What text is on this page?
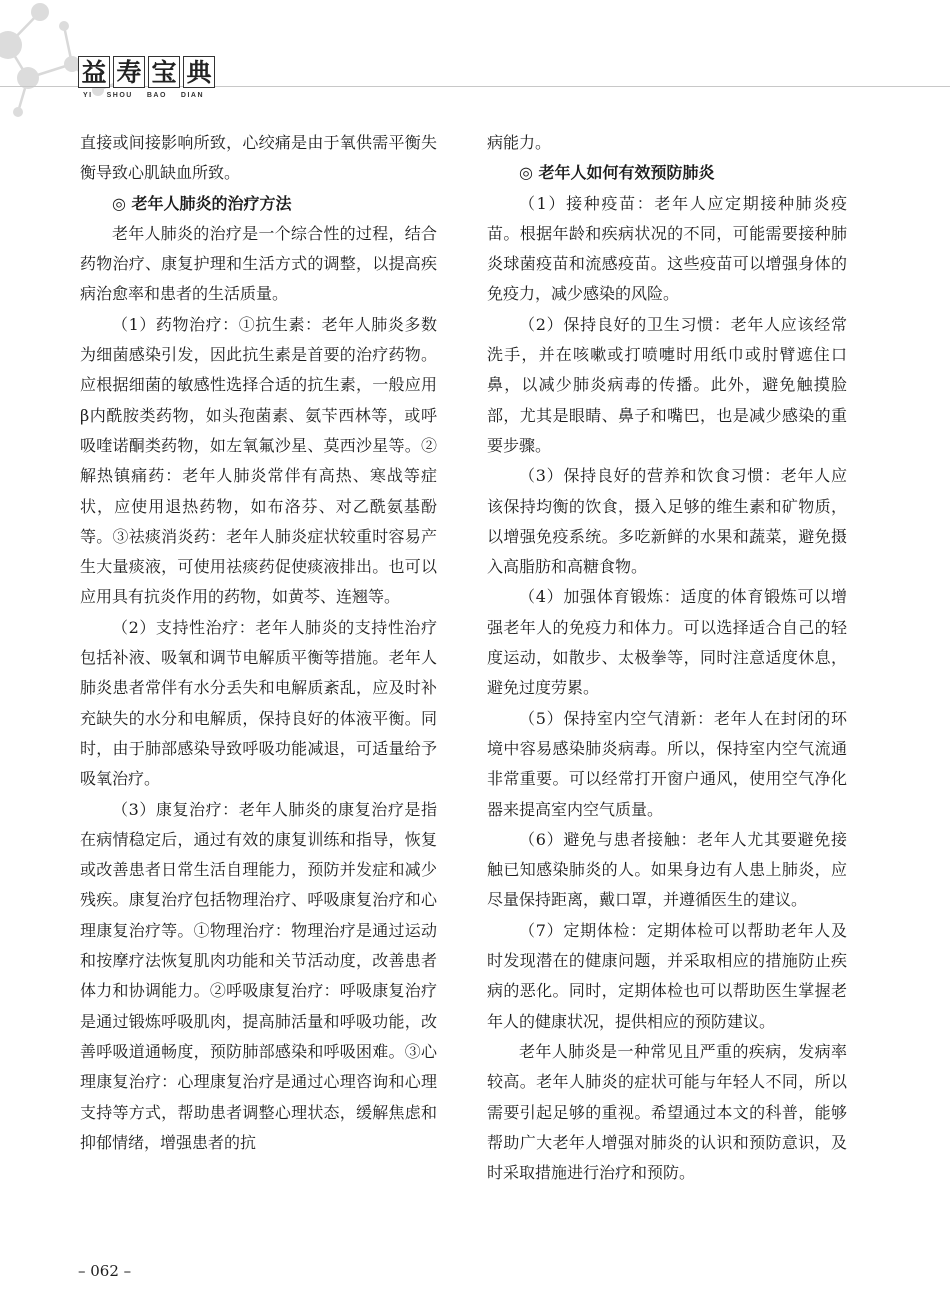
益 寿 宝 典
YI SHOU BAO DIAN

直接或间接影响所致，心绞痛是由于氧供需平衡失衡导致心肌缺血所致。

◎ 老年人肺炎的治疗方法

老年人肺炎的治疗是一个综合性的过程，结合药物治疗、康复护理和生活方式的调整，以提高疾病治愈率和患者的生活质量。

（1）药物治疗：①抗生素：老年人肺炎多数为细菌感染引发，因此抗生素是首要的治疗药物。应根据细菌的敏感性选择合适的抗生素，一般应用β内酰胺类药物，如头孢菌素、氨苄西林等，或呼吸喹诺酮类药物，如左氧氟沙星、莫西沙星等。②解热镇痛药：老年人肺炎常伴有高热、寒战等症状，应使用退热药物，如布洛芬、对乙酰氨基酚等。③祛痰消炎药：老年人肺炎症状较重时容易产生大量痰液，可使用祛痰药促使痰液排出。也可以应用具有抗炎作用的药物，如黄芩、连翘等。

（2）支持性治疗：老年人肺炎的支持性治疗包括补液、吸氧和调节电解质平衡等措施。老年人肺炎患者常伴有水分丢失和电解质紊乱，应及时补充缺失的水分和电解质，保持良好的体液平衡。同时，由于肺部感染导致呼吸功能减退，可适量给予吸氧治疗。

（3）康复治疗：老年人肺炎的康复治疗是指在病情稳定后，通过有效的康复训练和指导，恢复或改善患者日常生活自理能力，预防并发症和减少残疾。康复治疗包括物理治疗、呼吸康复治疗和心理康复治疗等。①物理治疗：物理治疗是通过运动和按摩疗法恢复肌肉功能和关节活动度，改善患者体力和协调能力。②呼吸康复治疗：呼吸康复治疗是通过锻炼呼吸肌肉，提高肺活量和呼吸功能，改善呼吸道通畅度，预防肺部感染和呼吸困难。③心理康复治疗：心理康复治疗是通过心理咨询和心理支持等方式，帮助患者调整心理状态，缓解焦虑和抑郁情绪，增强患者的抗

病能力。

◎ 老年人如何有效预防肺炎

（1）接种疫苗：老年人应定期接种肺炎疫苗。根据年龄和疾病状况的不同，可能需要接种肺炎球菌疫苗和流感疫苗。这些疫苗可以增强身体的免疫力，减少感染的风险。

（2）保持良好的卫生习惯：老年人应该经常洗手，并在咳嗽或打喷嚏时用纸巾或肘臂遮住口鼻，以减少肺炎病毒的传播。此外，避免触摸脸部，尤其是眼睛、鼻子和嘴巴，也是减少感染的重要步骤。

（3）保持良好的营养和饮食习惯：老年人应该保持均衡的饮食，摄入足够的维生素和矿物质，以增强免疫系统。多吃新鲜的水果和蔬菜，避免摄入高脂肪和高糖食物。

（4）加强体育锻炼：适度的体育锻炼可以增强老年人的免疫力和体力。可以选择适合自己的轻度运动，如散步、太极拳等，同时注意适度休息，避免过度劳累。

（5）保持室内空气清新：老年人在封闭的环境中容易感染肺炎病毒。所以，保持室内空气流通非常重要。可以经常打开窗户通风，使用空气净化器来提高室内空气质量。

（6）避免与患者接触：老年人尤其要避免接触已知感染肺炎的人。如果身边有人患上肺炎，应尽量保持距离，戴口罩，并遵循医生的建议。

（7）定期体检：定期体检可以帮助老年人及时发现潜在的健康问题，并采取相应的措施防止疾病的恶化。同时，定期体检也可以帮助医生掌握老年人的健康状况，提供相应的预防建议。

老年人肺炎是一种常见且严重的疾病，发病率较高。老年人肺炎的症状可能与年轻人不同，所以需要引起足够的重视。希望通过本文的科普，能够帮助广大老年人增强对肺炎的认识和预防意识，及时采取措施进行治疗和预防。

– 062 –
